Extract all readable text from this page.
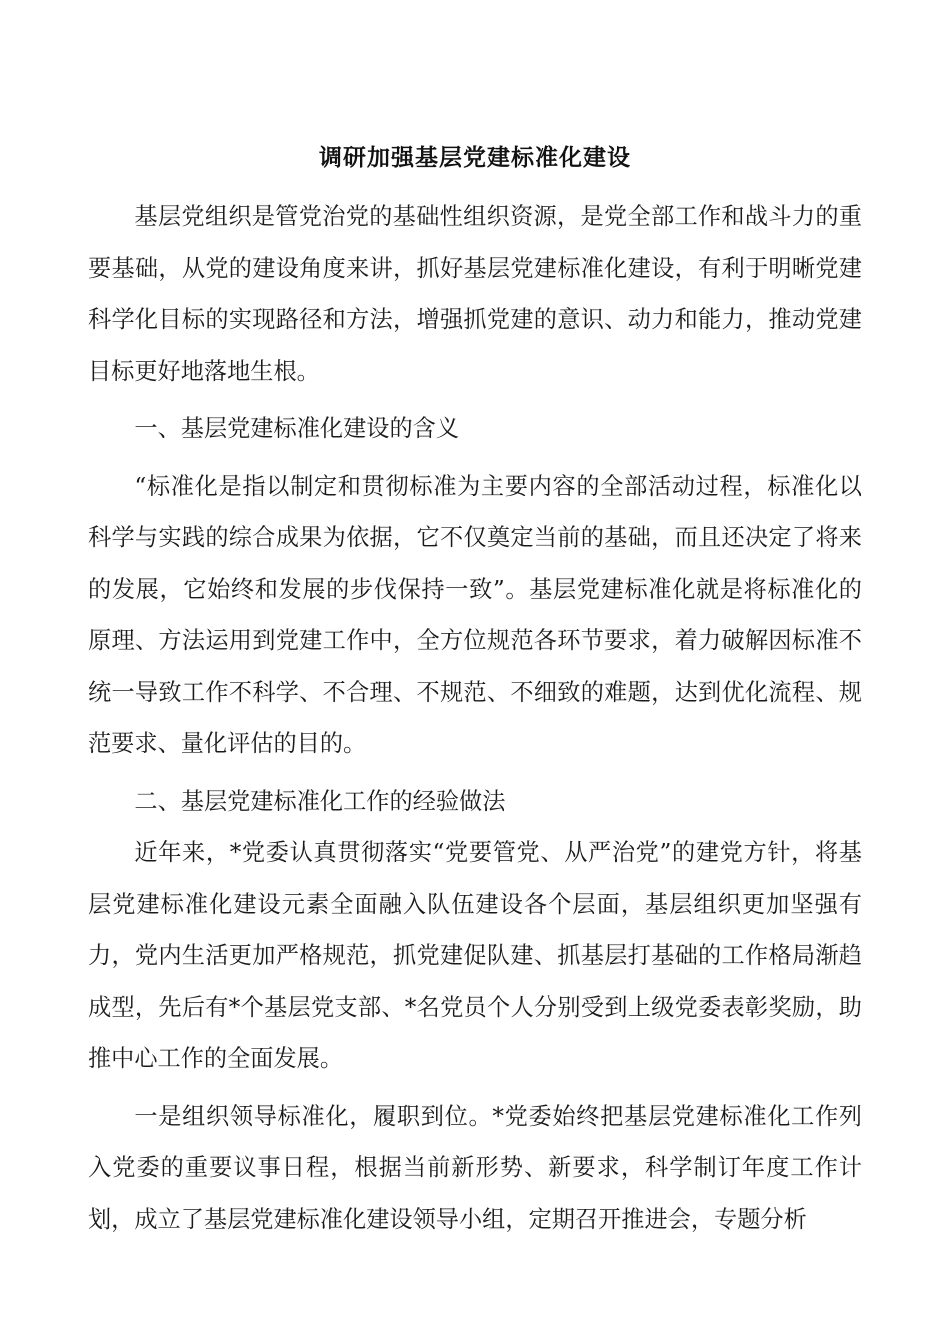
调研加强基层党建标准化建设

基层党组织是管党治党的基础性组织资源，是党全部工作和战斗力的重要基础，从党的建设角度来讲，抓好基层党建标准化建设，有利于明晰党建科学化目标的实现路径和方法，增强抓党建的意识、动力和能力，推动党建目标更好地落地生根。

一、基层党建标准化建设的含义

“标准化是指以制定和贯彻标准为主要内容的全部活动过程，标准化以科学与实践的综合成果为依据，它不仅奠定当前的基础，而且还决定了将来的发展，它始终和发展的步伐保持一致”。基层党建标准化就是将标准化的原理、方法运用到党建工作中，全方位规范各环节要求，着力破解因标准不统一导致工作不科学、不合理、不规范、不细致的难题，达到优化流程、规范要求、量化评估的目的。

二、基层党建标准化工作的经验做法

近年来，*党委认真贯彻落实“党要管党、从严治党”的建党方针，将基层党建标准化建设元素全面融入队伍建设各个层面，基层组织更加坚强有力，党内生活更加严格规范，抓党建促队建、抓基层打基础的工作格局渐趋成型，先后有*个基层党支部、*名党员个人分别受到上级党委表彰奖励，助推中心工作的全面发展。

一是组织领导标准化，履职到位。*党委始终把基层党建标准化工作列入党委的重要议事日程，根据当前新形势、新要求，科学制订年度工作计划，成立了基层党建标准化建设领导小组，定期召开推进会，专题分析
